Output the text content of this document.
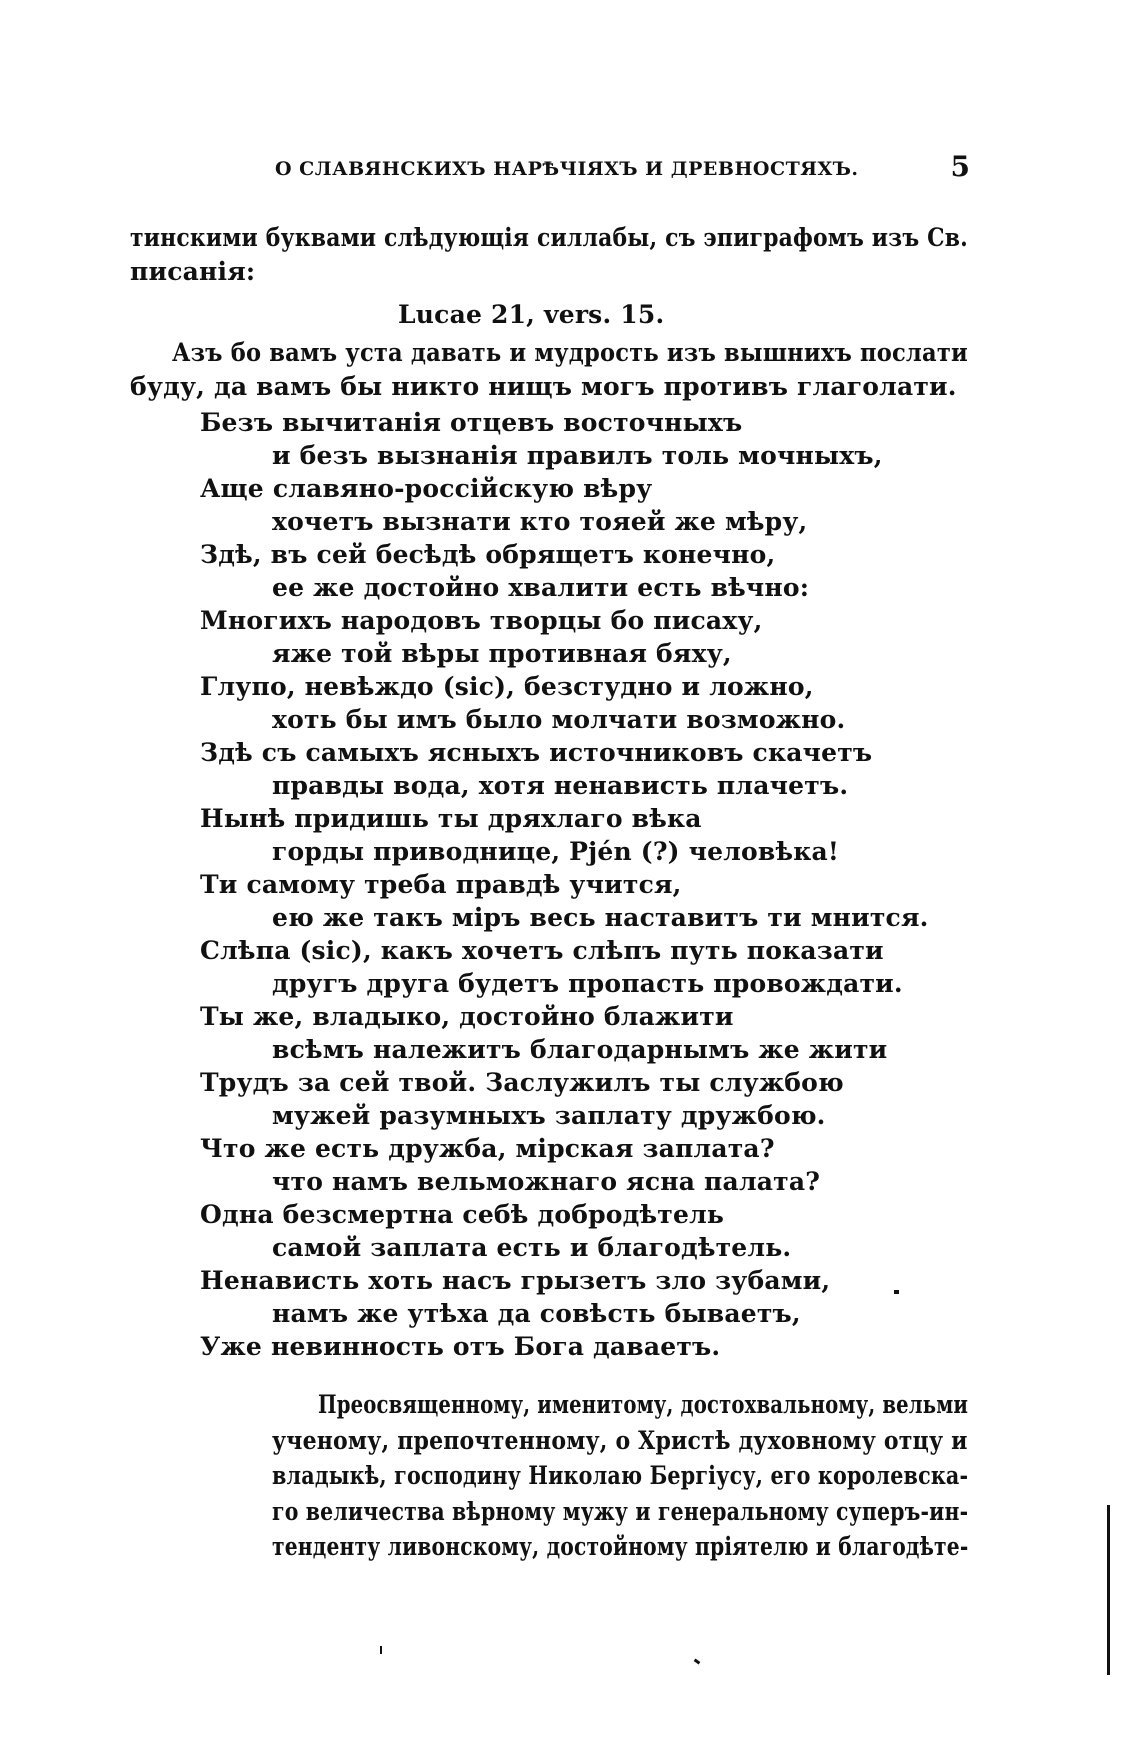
О СЛАВЯНСКИХЪ НАРѢЧІЯХЪ И ДРЕВНОСТЯХЪ.	5
тинскими буквами слѣдующія силлабы, съ эпиграфомъ изъ Св.
писанія:
Lucae 21, vers. 15.
Азъ бо вамъ уста давать и мудрость изъ вышнихъ послати
буду, да вамъ бы никто нищъ могъ противъ глаголати.
Безъ вычитанія отцевъ восточныхъ
и безъ вызнанія правилъ толь мочныхъ,
Аще славяно-россійскую вѣру
хочетъ вызнати кто тояей же мѣру,
Здѣ, въ сей бесѣдѣ обрящетъ конечно,
ее же достойно хвалити есть вѣчно:
Многихъ народовъ творцы бо писаху,
яже той вѣры противная бяху,
Глупо, невѣждо (sic), безстудно и ложно,
хоть бы имъ было молчати возможно.
Здѣ съ самыхъ ясныхъ источниковъ скачетъ
правды вода, хотя ненависть плачетъ.
Нынѣ придишь ты дряхлаго вѣка
горды приводнице, Pjén (?) человѣка!
Ти самому треба правдѣ учится,
ею же такъ міръ весь наставитъ ти мнится.
Слѣпа (sic), какъ хочетъ слѣпъ путь показати
другъ друга будетъ пропасть провождати.
Ты же, владыко, достойно блажити
всѣмъ належитъ благодарнымъ же жити
Трудъ за сей твой. Заслужилъ ты службою
мужей разумныхъ заплату дружбою.
Что же есть дружба, мірская заплата?
что намъ вельможнаго ясна палата?
Одна безсмертна себѣ добродѣтель
самой заплата есть и благодѣтель.
Ненависть хоть насъ грызетъ зло зубами,
намъ же утѣха да совѣсть бываетъ,
Уже невинность отъ Бога даваетъ.
Преосвященному, именитому, достохвальному, вельми
ученому, препочтенному, о Христѣ духовному отцу и
владыкѣ, господину Николаю Бергіусу, его королевска-
го величества вѣрному мужу и генеральному суперъ-ин-
тенденту ливонскому, достойному пріятелю и благодѣте-
